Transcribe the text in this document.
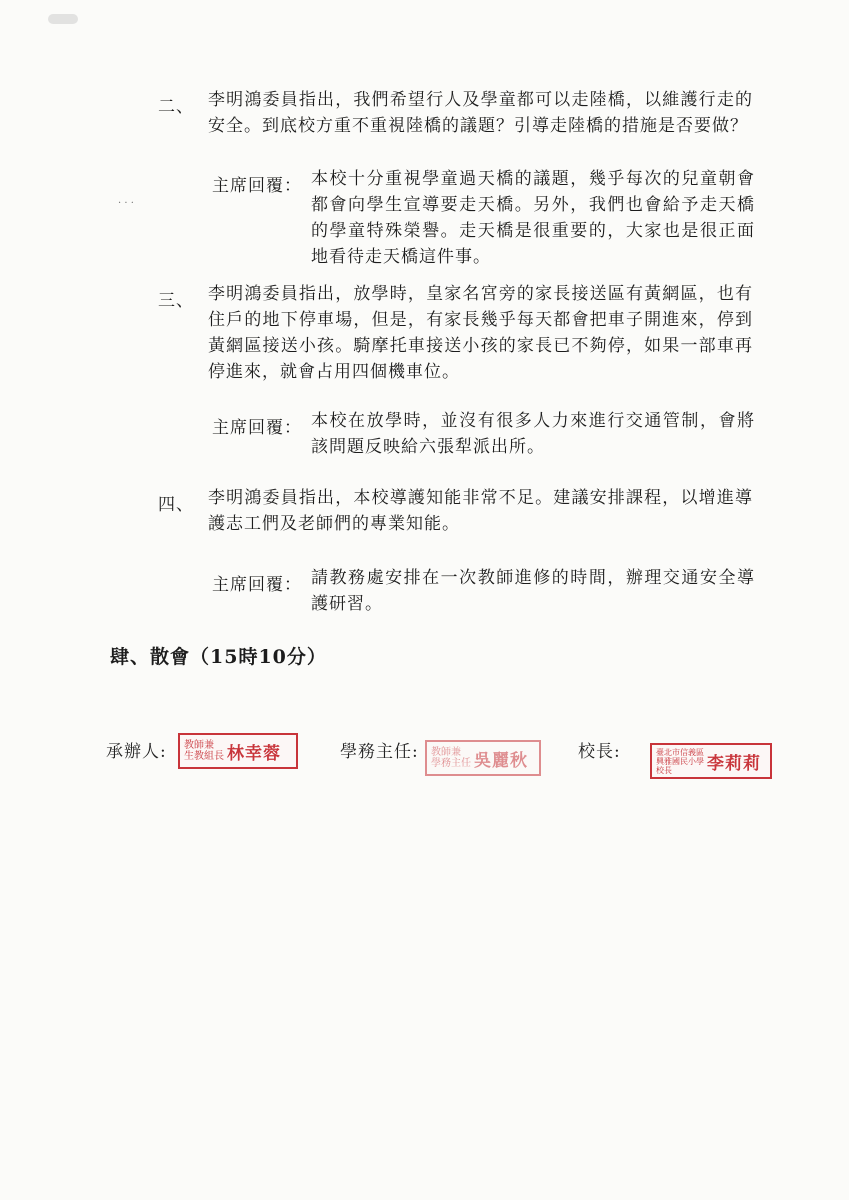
· · ·
二、 李明鴻委員指出，我們希望行人及學童都可以走陸橋，以維護行走的安全。到底校方重不重視陸橋的議題？引導走陸橋的措施是否要做？
主席回覆： 本校十分重視學童過天橋的議題，幾乎每次的兒童朝會都會向學生宣導要走天橋。另外，我們也會給予走天橋的學童特殊榮譽。走天橋是很重要的，大家也是很正面地看待走天橋這件事。
三、 李明鴻委員指出，放學時，皇家名宮旁的家長接送區有黃網區，也有住戶的地下停車場，但是，有家長幾乎每天都會把車子開進來，停到黃網區接送小孩。騎摩托車接送小孩的家長已不夠停，如果一部車再停進來，就會占用四個機車位。
主席回覆： 本校在放學時，並沒有很多人力來進行交通管制，會將該問題反映給六張犁派出所。
四、 李明鴻委員指出，本校導護知能非常不足。建議安排課程，以增進導護志工們及老師們的專業知能。
主席回覆： 請教務處安排在一次教師進修的時間，辦理交通安全導護研習。
肆、散會（15時10分）
承辦人: 教師兼
生教組長 林幸蓉	學務主任: 教師兼
學務主任 吳麗秋	校長:	臺北市信義區
興雅國民小學
校長	李莉莉
